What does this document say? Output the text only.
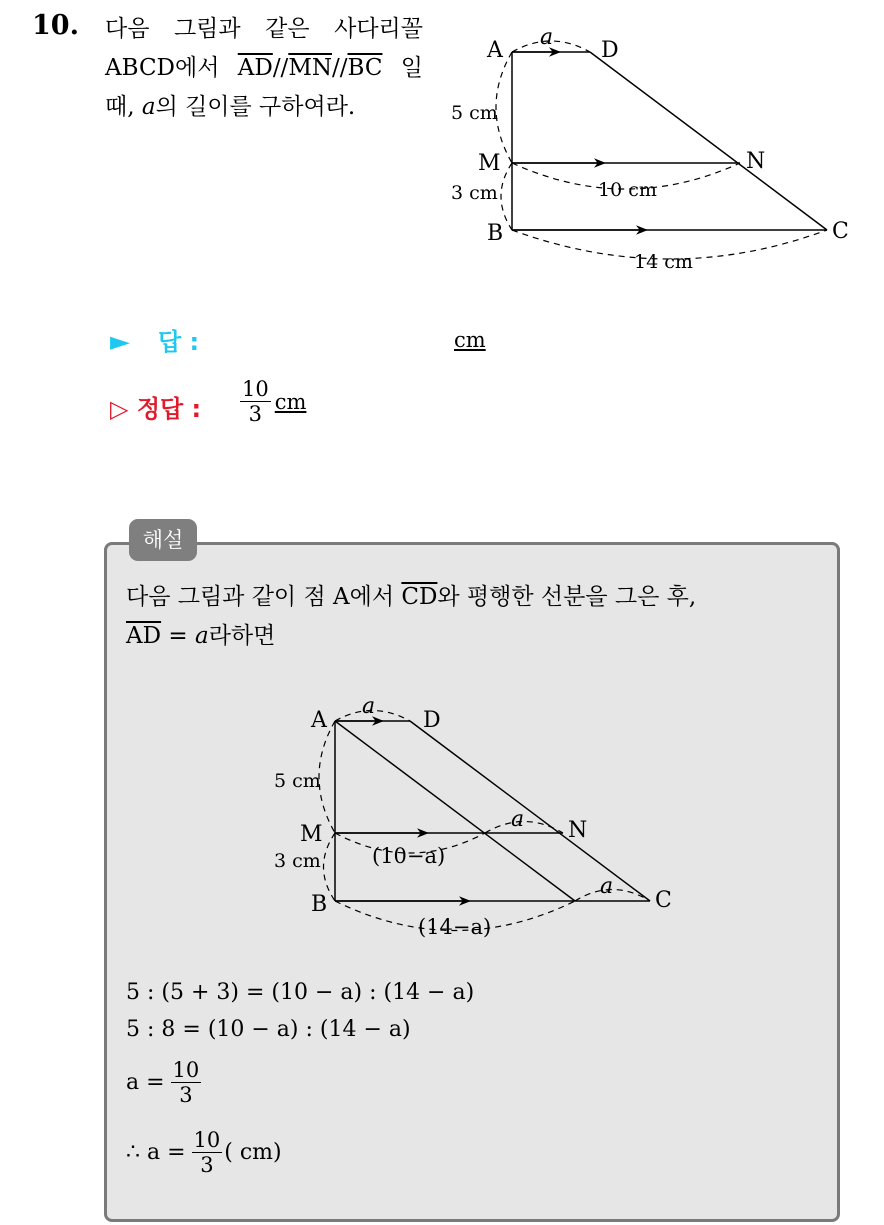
10. 다음 그림과 같은 사다리꼴 ABCD에서 $\overline{AD}//\overline{MN}//\overline{BC}$ 일 때, a의 길이를 구하여라.
A	D
M	N
B	C
a
5 cm
3 cm	10 cm
14 cm
► 답 :	cm
▷ 정답 : $\frac{10}{3}$ cm
해설
다음 그림과 같이 점 A에서 $\overline{CD}$와 평행한 선분을 그은 후,
$\overline{AD} = a$라하면
A	D
M	N
B	C
a
a
a
5 cm
3 cm (10−a)
(14−a)
5 : (5 + 3) = (10 − a) : (14 − a)
5 : 8 = (10 − a) : (14 − a)
$a = \frac{10}{3}$
∴ $a = \frac{10}{3}$ ( cm)
